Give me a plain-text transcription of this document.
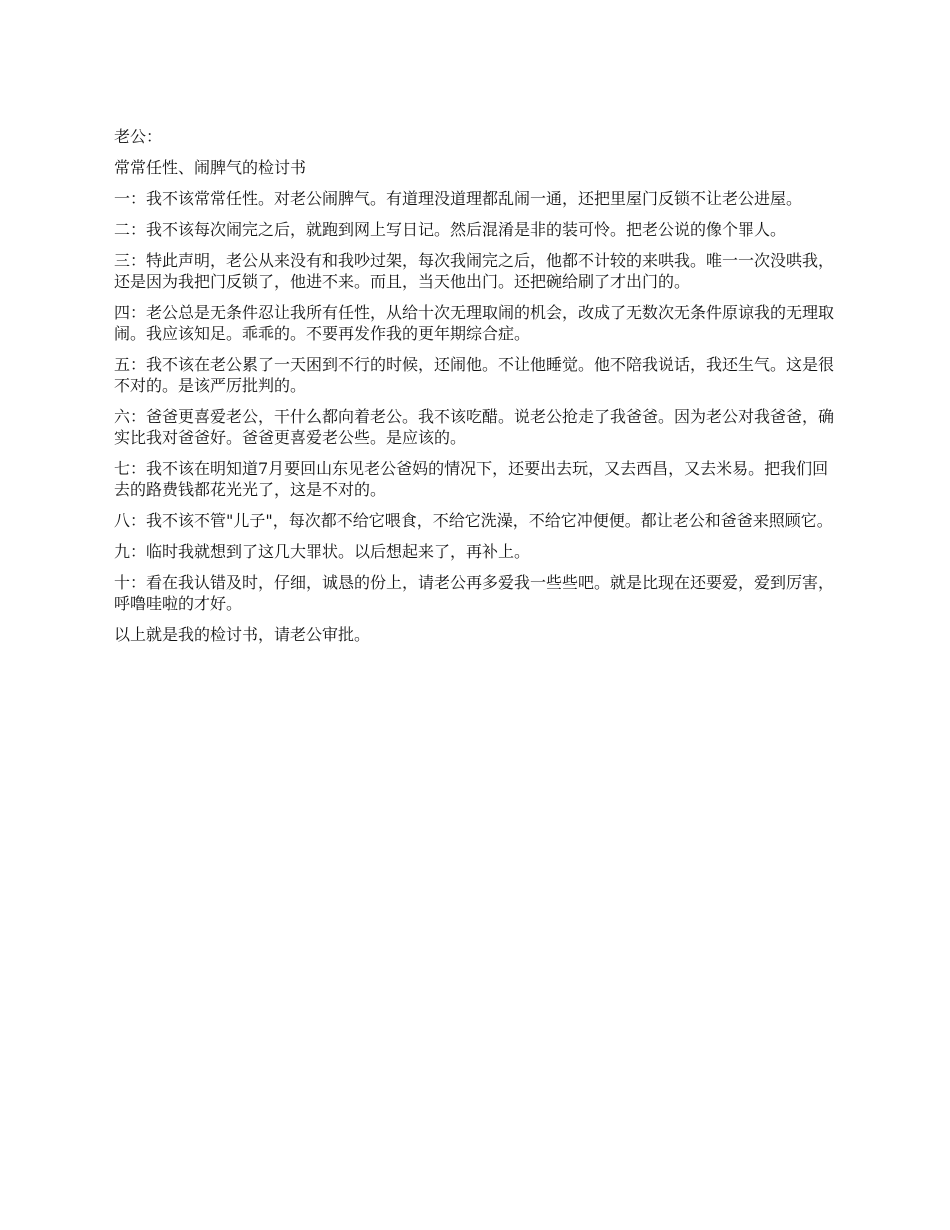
老公：

常常任性、闹脾气的检讨书

一：我不该常常任性。对老公闹脾气。有道理没道理都乱闹一通，还把里屋门反锁不让老公进屋。

二：我不该每次闹完之后，就跑到网上写日记。然后混淆是非的装可怜。把老公说的像个罪人。

三：特此声明，老公从来没有和我吵过架，每次我闹完之后，他都不计较的来哄我。唯一一次没哄我，还是因为我把门反锁了，他进不来。而且，当天他出门。还把碗给刷了才出门的。

四：老公总是无条件忍让我所有任性，从给十次无理取闹的机会，改成了无数次无条件原谅我的无理取闹。我应该知足。乖乖的。不要再发作我的更年期综合症。

五：我不该在老公累了一天困到不行的时候，还闹他。不让他睡觉。他不陪我说话，我还生气。这是很不对的。是该严厉批判的。

六：爸爸更喜爱老公，干什么都向着老公。我不该吃醋。说老公抢走了我爸爸。因为老公对我爸爸，确实比我对爸爸好。爸爸更喜爱老公些。是应该的。

七：我不该在明知道7月要回山东见老公爸妈的情况下，还要出去玩，又去西昌，又去米易。把我们回去的路费钱都花光光了，这是不对的。

八：我不该不管"儿子"，每次都不给它喂食，不给它洗澡，不给它冲便便。都让老公和爸爸来照顾它。

九：临时我就想到了这几大罪状。以后想起来了，再补上。

十：看在我认错及时，仔细，诚恳的份上，请老公再多爱我一些些吧。就是比现在还要爱，爱到厉害，呼噜哇啦的才好。

以上就是我的检讨书，请老公审批。
